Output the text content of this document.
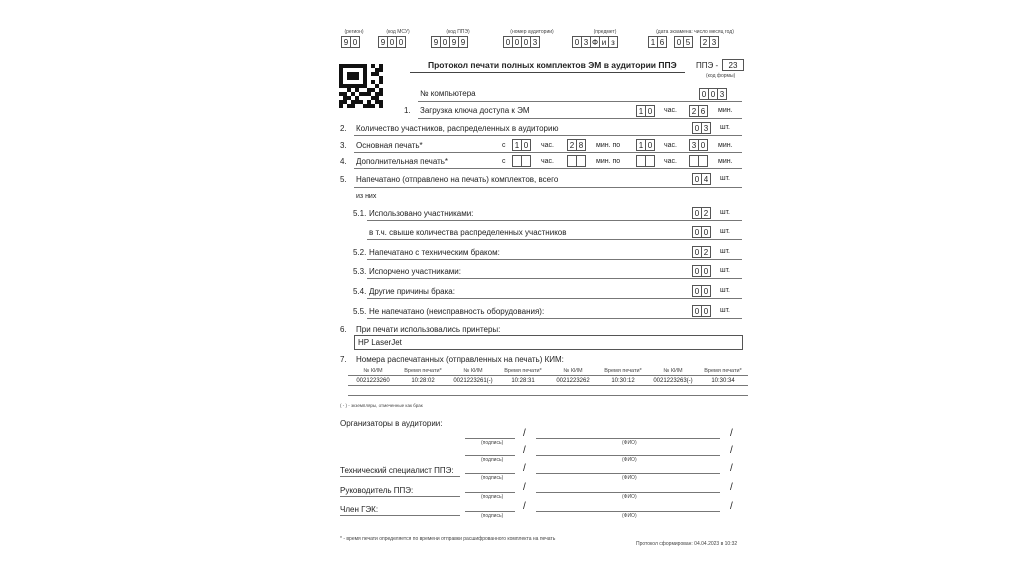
(регион)	(код МСУ)	(код ППЭ)	(номер аудитории)	(предмет)	(дата экзамена: число месяц год)
9 0	9 0 0	9 0 9 9	0 0 0 3	0 3 Ф и з	1 6	0 5	2 3
Протокол печати полных комплектов ЭМ в аудитории ППЭ ППЭ -	23
(код формы)
№ компьютера	0 0 3
1. Загрузка ключа доступа к ЭМ	1 0	час.	2 6	мин.
2. Количество участников, распределенных в аудиторию	0 3	шт.
3. Основная печать*	с	1 0	час.	2 8	мин. по	1 0	час.	3 0	мин.
4. Дополнительная печать*	с	час.	мин. по	час.	мин.
5. Напечатано (отправлено на печать) комплектов, всего	0 4	шт.
из них
5.1. Использовано участниками:	0 2	шт.
в т.ч. свыше количества распределенных участников	0 0	шт.
5.2. Напечатано с техническим браком:	0 2	шт.
5.3. Испорчено участниками:	0 0	шт.
5.4. Другие причины брака:	0 0	шт.
5.5. Не напечатано (неисправность оборудования):	0 0	шт.
6. При печати использовались принтеры:
HP LaserJet
7. Номера распечатанных (отправленных на печать) КИМ:
№ КИМ	Время печати*	№ КИМ	Время печати*	№ КИМ	Время печати*	№ КИМ	Время печати*
0021223260	10:28:02	0021223261(-)	10:28:31	0021223262	10:30:12	0021223263(-)	10:30:34

( - ) - экземпляры, отмеченные как брак
Организаторы в аудитории:
(подпись)
/
(ФИО)
/
(подпись)
/
(ФИО)
/
(подпись)
/
(ФИО)
/
(подпись)
/
(ФИО)
/
(подпись)
/
(ФИО)
/
Технический специалист ППЭ:
Руководитель ППЭ:
Член ГЭК:
* - время печати определяется по времени отправки расшифрованного комплекта на печать
Протокол сформирован: 04.04.2023 в 10:32
